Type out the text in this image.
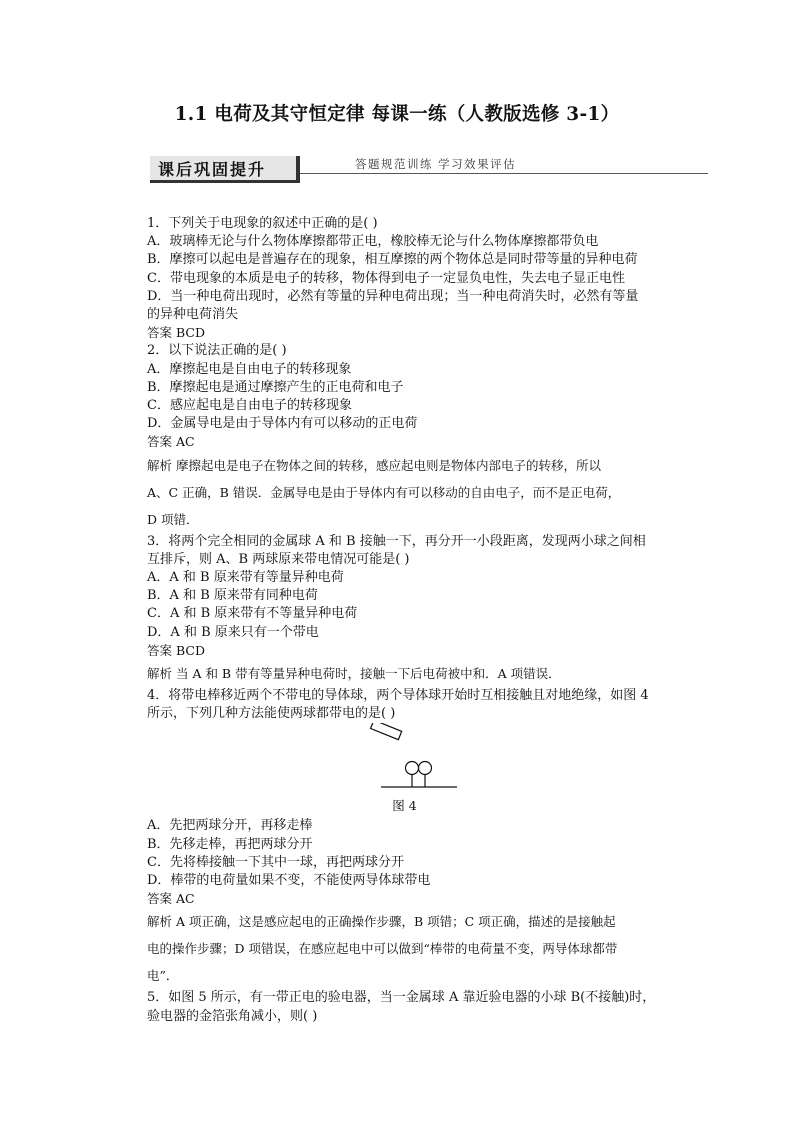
1.1 电荷及其守恒定律 每课一练（人教版选修 3-1）
课后巩固提升	答题规范训练 学习效果评估
1．下列关于电现象的叙述中正确的是( )
A．玻璃棒无论与什么物体摩擦都带正电，橡胶棒无论与什么物体摩擦都带负电
B．摩擦可以起电是普遍存在的现象，相互摩擦的两个物体总是同时带等量的异种电荷
C．带电现象的本质是电子的转移，物体得到电子一定显负电性，失去电子显正电性
D．当一种电荷出现时，必然有等量的异种电荷出现；当一种电荷消失时，必然有等量
的异种电荷消失
答案 BCD
2．以下说法正确的是( )
A．摩擦起电是自由电子的转移现象
B．摩擦起电是通过摩擦产生的正电荷和电子
C．感应起电是自由电子的转移现象
D．金属导电是由于导体内有可以移动的正电荷
答案 AC
解析 摩擦起电是电子在物体之间的转移，感应起电则是物体内部电子的转移，所以
A、C 正确，B 错误．金属导电是由于导体内有可以移动的自由电子，而不是正电荷，
D 项错．
3．将两个完全相同的金属球 A 和 B 接触一下，再分开一小段距离，发现两小球之间相
互排斥，则 A、B 两球原来带电情况可能是( )
A．A 和 B 原来带有等量异种电荷
B．A 和 B 原来带有同种电荷
C．A 和 B 原来带有不等量异种电荷
D．A 和 B 原来只有一个带电
答案 BCD
解析 当 A 和 B 带有等量异种电荷时，接触一下后电荷被中和．A 项错误．
4．将带电棒移近两个不带电的导体球，两个导体球开始时互相接触且对地绝缘，如图 4
所示，下列几种方法能使两球都带电的是( )
图 4
A．先把两球分开，再移走棒
B．先移走棒，再把两球分开
C．先将棒接触一下其中一球，再把两球分开
D．棒带的电荷量如果不变，不能使两导体球带电
答案 AC
解析 A 项正确，这是感应起电的正确操作步骤，B 项错；C 项正确，描述的是接触起
电的操作步骤；D 项错误，在感应起电中可以做到“棒带的电荷量不变，两导体球都带
电”．
5．如图 5 所示，有一带正电的验电器，当一金属球 A 靠近验电器的小球 B(不接触)时，
验电器的金箔张角减小，则( )
